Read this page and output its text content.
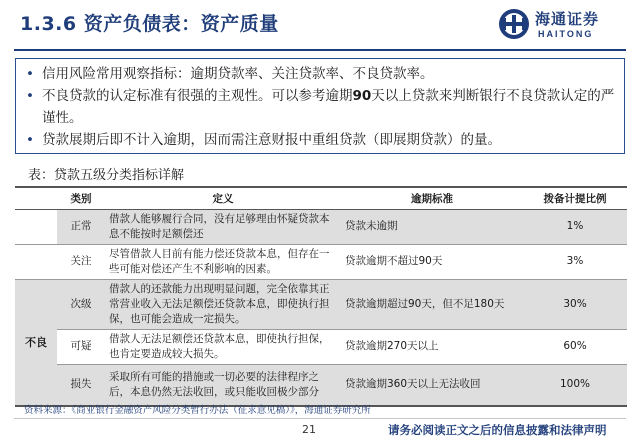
1.3.6 资产负债表：资产质量	海通证券
HAITONG
• 信用风险常用观察指标：逾期贷款率、关注贷款率、不良贷款率。
• 不良贷款的认定标准有很强的主观性。可以参考逾期90天以上贷款来判断银行不良贷款认定的严谨性。
• 贷款展期后即不计入逾期，因而需注意财报中重组贷款（即展期贷款）的量。
表：贷款五级分类指标详解
	类别	定义	逾期标准	拨备计提比例
	正常	借款人能够履行合同，没有足够理由怀疑贷款本息不能按时足额偿还	贷款未逾期	1%
	关注	尽管借款人目前有能力偿还贷款本息，但存在一些可能对偿还产生不利影响的因素。	贷款逾期不超过90天	3%
不良	次级	借款人的还款能力出现明显问题，完全依靠其正常营业收入无法足额偿还贷款本息，即使执行担保，也可能会造成一定损失。	贷款逾期超过90天，但不足180天	30%
	可疑	借款人无法足额偿还贷款本息，即使执行担保，也肯定要造成较大损失。	贷款逾期270天以上	60%
	损失	采取所有可能的措施或一切必要的法律程序之后，本息仍然无法收回，或只能收回极少部分	贷款逾期360天以上无法收回	100%
资料来源：《商业银行金融资产风险分类暂行办法（征求意见稿）》，海通证券研究所
21	请务必阅读正文之后的信息披露和法律声明
